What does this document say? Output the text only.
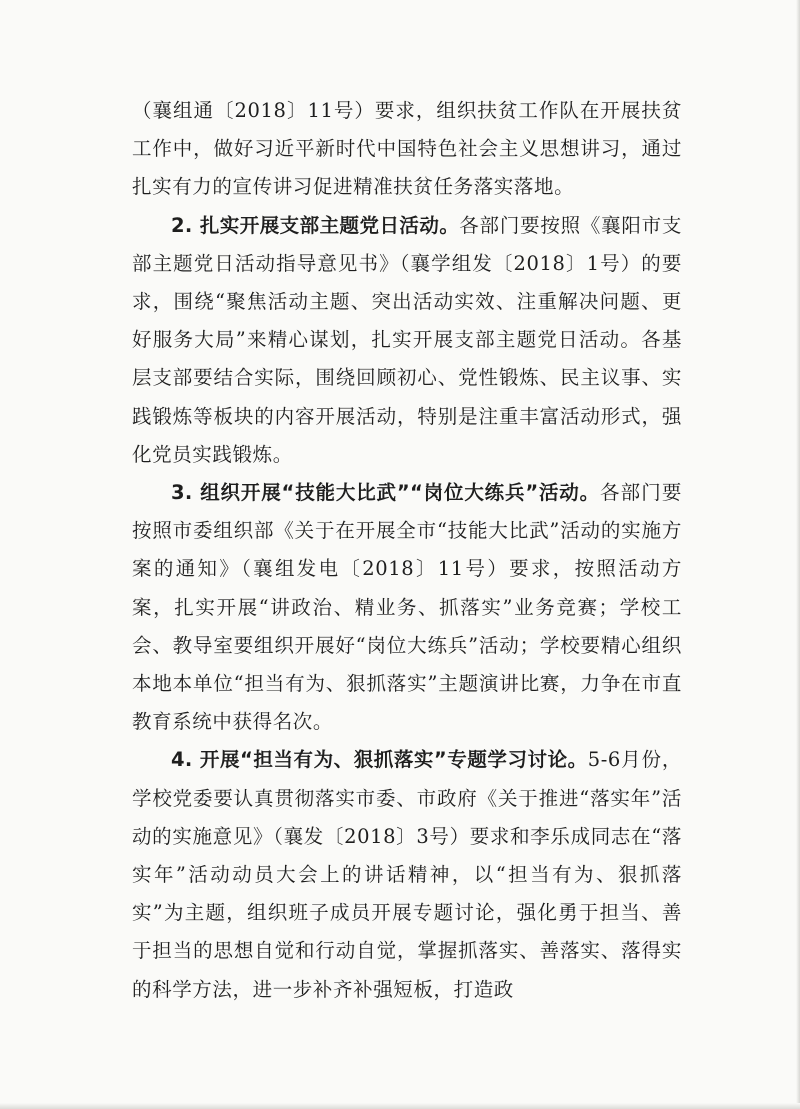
（襄组通〔2018〕11号）要求，组织扶贫工作队在开展扶贫工作中，做好习近平新时代中国特色社会主义思想讲习，通过扎实有力的宣传讲习促进精准扶贫任务落实落地。

2. 扎实开展支部主题党日活动。各部门要按照《襄阳市支部主题党日活动指导意见书》（襄学组发〔2018〕1号）的要求，围绕“聚焦活动主题、突出活动实效、注重解决问题、更好服务大局”来精心谋划，扎实开展支部主题党日活动。各基层支部要结合实际，围绕回顾初心、党性锻炼、民主议事、实践锻炼等板块的内容开展活动，特别是注重丰富活动形式，强化党员实践锻炼。

3. 组织开展“技能大比武”“岗位大练兵”活动。各部门要按照市委组织部《关于在开展全市“技能大比武”活动的实施方案的通知》（襄组发电〔2018〕11号）要求，按照活动方案，扎实开展“讲政治、精业务、抓落实”业务竞赛；学校工会、教导室要组织开展好“岗位大练兵”活动；学校要精心组织本地本单位“担当有为、狠抓落实”主题演讲比赛，力争在市直教育系统中获得名次。

4. 开展“担当有为、狠抓落实”专题学习讨论。5-6月份，学校党委要认真贯彻落实市委、市政府《关于推进“落实年”活动的实施意见》（襄发〔2018〕3号）要求和李乐成同志在“落实年”活动动员大会上的讲话精神，以“担当有为、狠抓落实”为主题，组织班子成员开展专题讨论，强化勇于担当、善于担当的思想自觉和行动自觉，掌握抓落实、善落实、落得实的科学方法，进一步补齐补强短板，打造政
